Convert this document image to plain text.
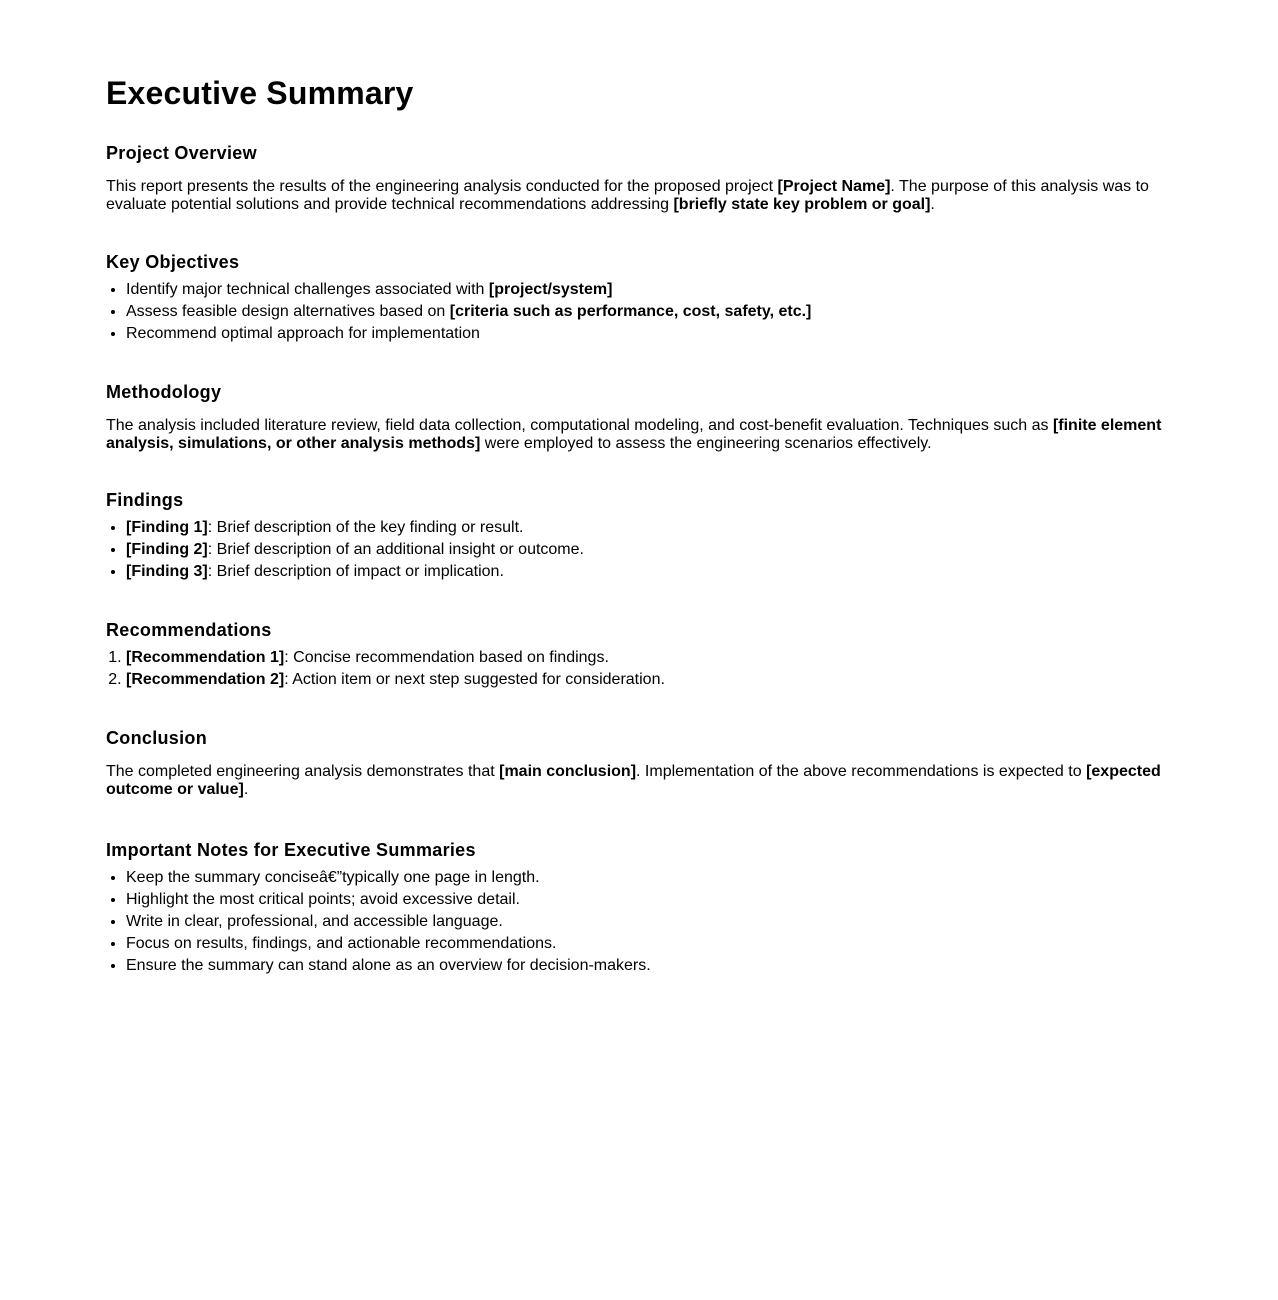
Executive Summary
Project Overview

This report presents the results of the engineering analysis conducted for the proposed project [Project Name]. The purpose of this analysis was to evaluate potential solutions and provide technical recommendations addressing [briefly state key problem or goal].

Key Objectives
• Identify major technical challenges associated with [project/system]
• Assess feasible design alternatives based on [criteria such as performance, cost, safety, etc.]
• Recommend optimal approach for implementation
Methodology

The analysis included literature review, field data collection, computational modeling, and cost-benefit evaluation. Techniques such as [finite element analysis, simulations, or other analysis methods] were employed to assess the engineering scenarios effectively.

Findings
• [Finding 1]: Brief description of the key finding or result.
• [Finding 2]: Brief description of an additional insight or outcome.
• [Finding 3]: Brief description of impact or implication.
Recommendations
1. [Recommendation 1]: Concise recommendation based on findings.
2. [Recommendation 2]: Action item or next step suggested for consideration.
Conclusion

The completed engineering analysis demonstrates that [main conclusion]. Implementation of the above recommendations is expected to [expected outcome or value].

Important Notes for Executive Summaries
• Keep the summary conciseâ€”typically one page in length.
• Highlight the most critical points; avoid excessive detail.
• Write in clear, professional, and accessible language.
• Focus on results, findings, and actionable recommendations.
• Ensure the summary can stand alone as an overview for decision-makers.
